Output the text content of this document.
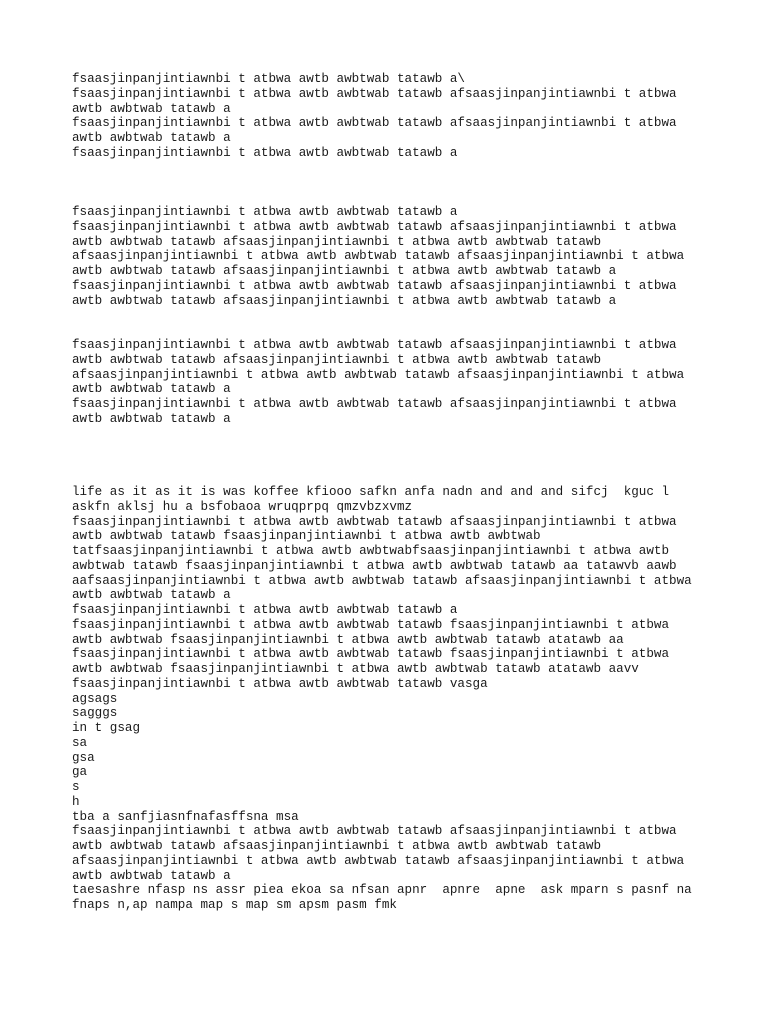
fsaasjinpanjintiawnbi t atbwa awtb awbtwab tatawb a\
fsaasjinpanjintiawnbi t atbwa awtb awbtwab tatawb afsaasjinpanjintiawnbi t atbwa
awtb awbtwab tatawb a
fsaasjinpanjintiawnbi t atbwa awtb awbtwab tatawb afsaasjinpanjintiawnbi t atbwa
awtb awbtwab tatawb a
fsaasjinpanjintiawnbi t atbwa awtb awbtwab tatawb a

fsaasjinpanjintiawnbi t atbwa awtb awbtwab tatawb a
fsaasjinpanjintiawnbi t atbwa awtb awbtwab tatawb afsaasjinpanjintiawnbi t atbwa
awtb awbtwab tatawb afsaasjinpanjintiawnbi t atbwa awtb awbtwab tatawb
afsaasjinpanjintiawnbi t atbwa awtb awbtwab tatawb afsaasjinpanjintiawnbi t atbwa
awtb awbtwab tatawb afsaasjinpanjintiawnbi t atbwa awtb awbtwab tatawb a
fsaasjinpanjintiawnbi t atbwa awtb awbtwab tatawb afsaasjinpanjintiawnbi t atbwa
awtb awbtwab tatawb afsaasjinpanjintiawnbi t atbwa awtb awbtwab tatawb a

fsaasjinpanjintiawnbi t atbwa awtb awbtwab tatawb afsaasjinpanjintiawnbi t atbwa
awtb awbtwab tatawb afsaasjinpanjintiawnbi t atbwa awtb awbtwab tatawb
afsaasjinpanjintiawnbi t atbwa awtb awbtwab tatawb afsaasjinpanjintiawnbi t atbwa
awtb awbtwab tatawb a
fsaasjinpanjintiawnbi t atbwa awtb awbtwab tatawb afsaasjinpanjintiawnbi t atbwa
awtb awbtwab tatawb a

life as it as it is was koffee kfiooo safkn anfa nadn and and and sifcj  kguc l
askfn aklsj hu a bsfobaoa wruqprpq qmzvbzxvmz
fsaasjinpanjintiawnbi t atbwa awtb awbtwab tatawb afsaasjinpanjintiawnbi t atbwa
awtb awbtwab tatawb fsaasjinpanjintiawnbi t atbwa awtb awbtwab
tatfsaasjinpanjintiawnbi t atbwa awtb awbtwabfsaasjinpanjintiawnbi t atbwa awtb
awbtwab tatawb fsaasjinpanjintiawnbi t atbwa awtb awbtwab tatawb aa tatawvb aawb
aafsaasjinpanjintiawnbi t atbwa awtb awbtwab tatawb afsaasjinpanjintiawnbi t atbwa
awtb awbtwab tatawb a
fsaasjinpanjintiawnbi t atbwa awtb awbtwab tatawb a
fsaasjinpanjintiawnbi t atbwa awtb awbtwab tatawb fsaasjinpanjintiawnbi t atbwa
awtb awbtwab fsaasjinpanjintiawnbi t atbwa awtb awbtwab tatawb atatawb aa
fsaasjinpanjintiawnbi t atbwa awtb awbtwab tatawb fsaasjinpanjintiawnbi t atbwa
awtb awbtwab fsaasjinpanjintiawnbi t atbwa awtb awbtwab tatawb atatawb aavv
fsaasjinpanjintiawnbi t atbwa awtb awbtwab tatawb vasga
agsags
sagggs
in t gsag
sa
gsa
ga
s
h
tba a sanfjiasnfnafasffsna msa
fsaasjinpanjintiawnbi t atbwa awtb awbtwab tatawb afsaasjinpanjintiawnbi t atbwa
awtb awbtwab tatawb afsaasjinpanjintiawnbi t atbwa awtb awbtwab tatawb
afsaasjinpanjintiawnbi t atbwa awtb awbtwab tatawb afsaasjinpanjintiawnbi t atbwa
awtb awbtwab tatawb a
taesashre nfasp ns assr piea ekoa sa nfsan apnr  apnre  apne  ask mparn s pasnf na
fnaps n,ap nampa map s map sm apsm pasm fmk
